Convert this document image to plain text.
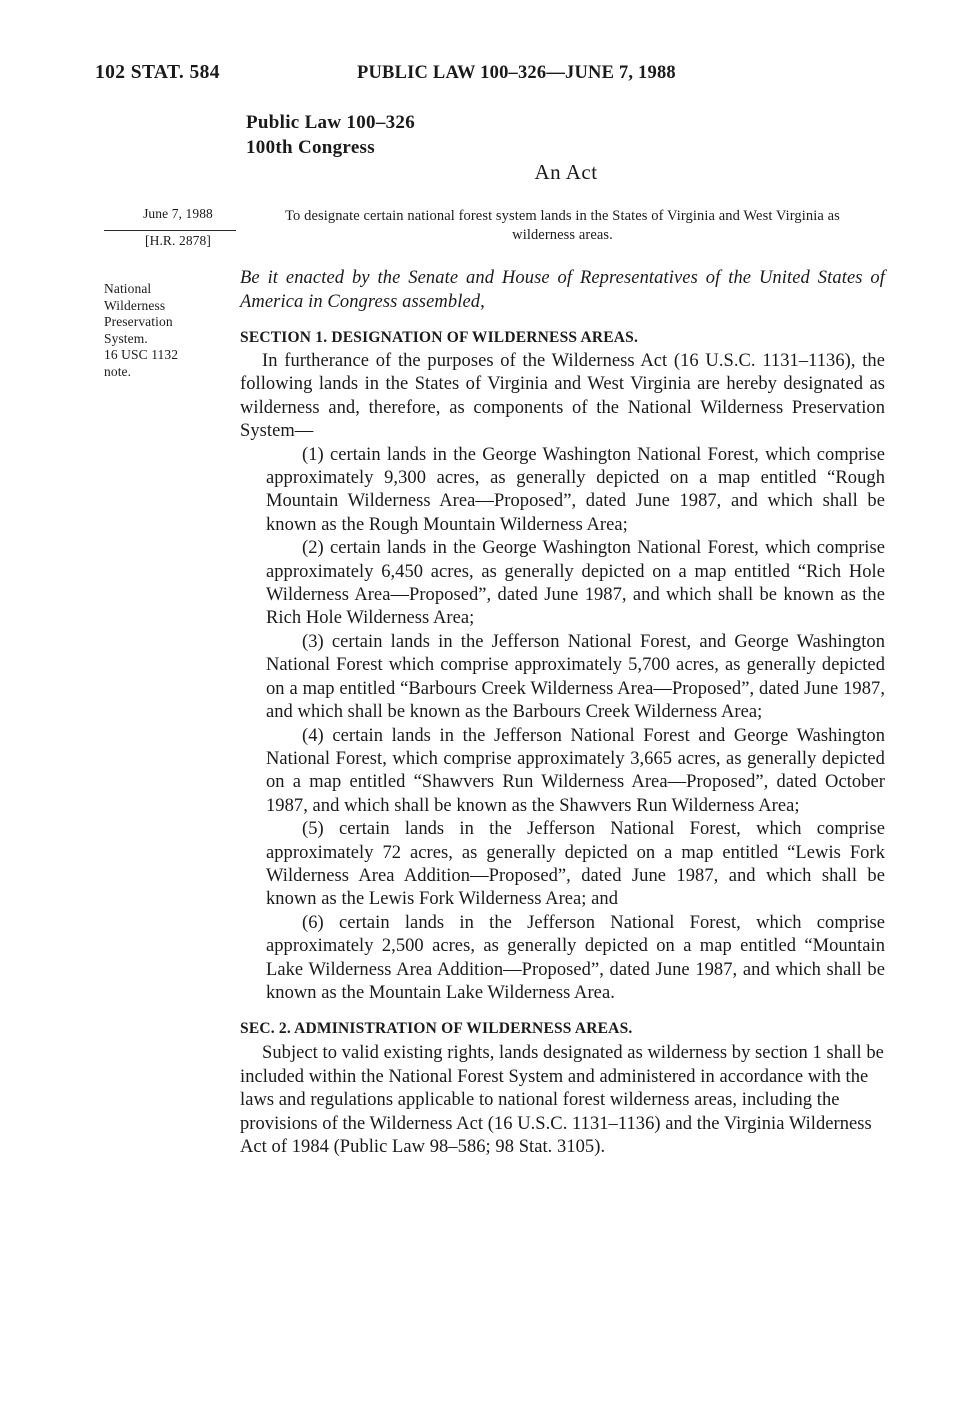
102 STAT. 584	PUBLIC LAW 100–326—JUNE 7, 1988
Public Law 100–326
100th Congress
An Act
June 7, 1988
[H.R. 2878]
National
Wilderness
Preservation
System.
16 USC 1132
note.
To designate certain national forest system lands in the States of Virginia and West Virginia as wilderness areas.
Be it enacted by the Senate and House of Representatives of the United States of America in Congress assembled,
SECTION 1. DESIGNATION OF WILDERNESS AREAS.

In furtherance of the purposes of the Wilderness Act (16 U.S.C. 1131–1136), the following lands in the States of Virginia and West Virginia are hereby designated as wilderness and, therefore, as components of the National Wilderness Preservation System—

(1) certain lands in the George Washington National Forest, which comprise approximately 9,300 acres, as generally depicted on a map entitled “Rough Mountain Wilderness Area—Proposed”, dated June 1987, and which shall be known as the Rough Mountain Wilderness Area;

(2) certain lands in the George Washington National Forest, which comprise approximately 6,450 acres, as generally depicted on a map entitled “Rich Hole Wilderness Area—Proposed”, dated June 1987, and which shall be known as the Rich Hole Wilderness Area;

(3) certain lands in the Jefferson National Forest, and George Washington National Forest which comprise approximately 5,700 acres, as generally depicted on a map entitled “Barbours Creek Wilderness Area—Proposed”, dated June 1987, and which shall be known as the Barbours Creek Wilderness Area;

(4) certain lands in the Jefferson National Forest and George Washington National Forest, which comprise approximately 3,665 acres, as generally depicted on a map entitled “Shawvers Run Wilderness Area—Proposed”, dated October 1987, and which shall be known as the Shawvers Run Wilderness Area;

(5) certain lands in the Jefferson National Forest, which comprise approximately 72 acres, as generally depicted on a map entitled “Lewis Fork Wilderness Area Addition—Proposed”, dated June 1987, and which shall be known as the Lewis Fork Wilderness Area; and

(6) certain lands in the Jefferson National Forest, which comprise approximately 2,500 acres, as generally depicted on a map entitled “Mountain Lake Wilderness Area Addition—Proposed”, dated June 1987, and which shall be known as the Mountain Lake Wilderness Area.

SEC. 2. ADMINISTRATION OF WILDERNESS AREAS.

Subject to valid existing rights, lands designated as wilderness by section 1 shall be included within the National Forest System and administered in accordance with the laws and regulations applicable to national forest wilderness areas, including the provisions of the Wilderness Act (16 U.S.C. 1131–1136) and the Virginia Wilderness Act of 1984 (Public Law 98–586; 98 Stat. 3105).
